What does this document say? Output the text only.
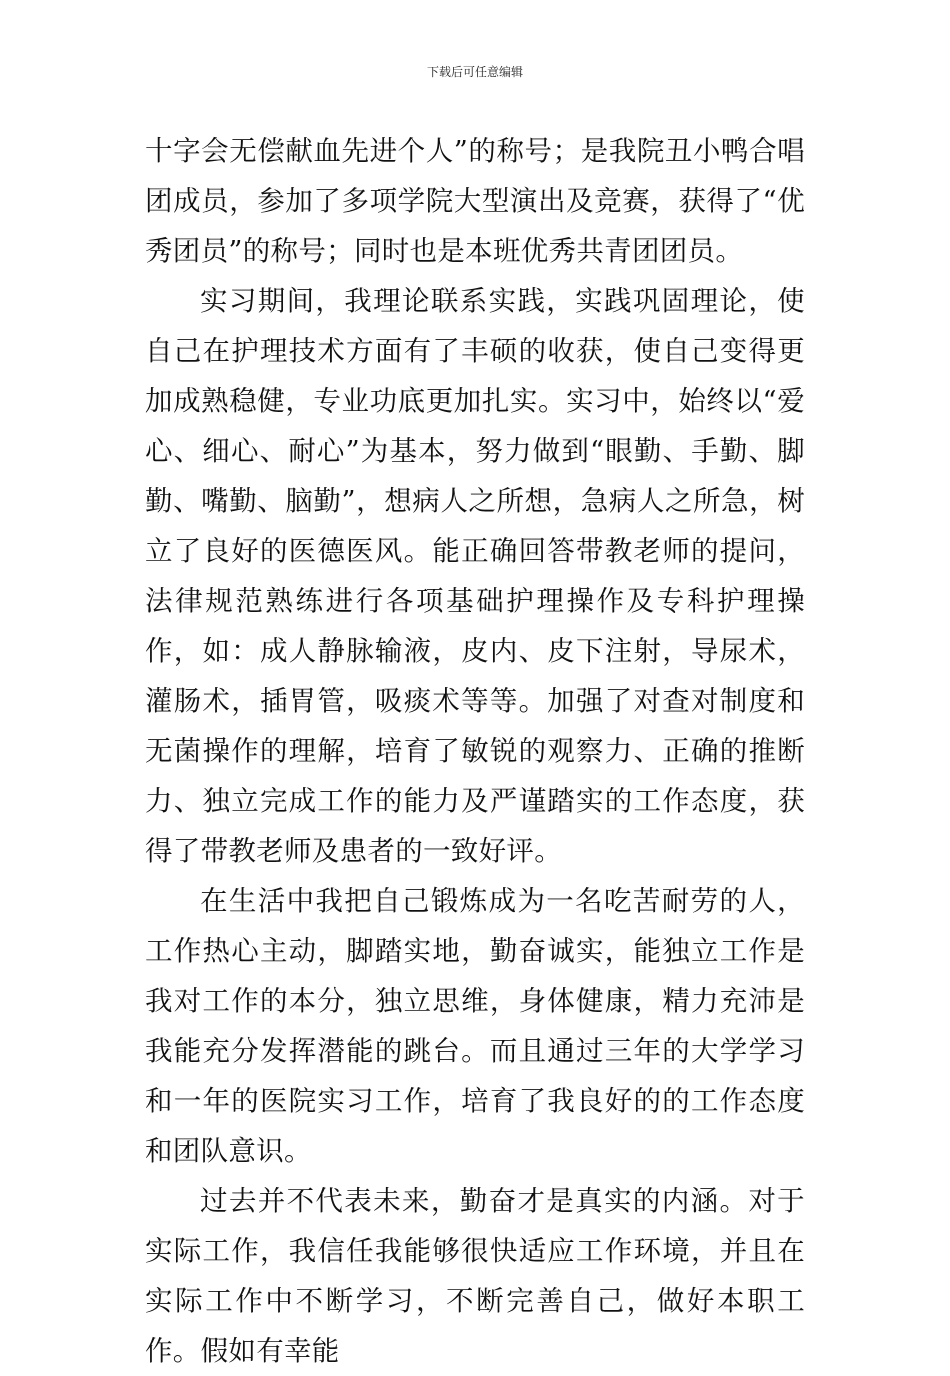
下载后可任意编辑

十字会无偿献血先进个人”的称号；是我院丑小鸭合唱团成员，参加了多项学院大型演出及竞赛，获得了“优秀团员”的称号；同时也是本班优秀共青团团员。

实习期间，我理论联系实践，实践巩固理论，使自己在护理技术方面有了丰硕的收获，使自己变得更加成熟稳健，专业功底更加扎实。实习中，始终以“爱心、细心、耐心”为基本，努力做到“眼勤、手勤、脚勤、嘴勤、脑勤”，想病人之所想，急病人之所急，树立了良好的医德医风。能正确回答带教老师的提问，法律规范熟练进行各项基础护理操作及专科护理操作，如：成人静脉输液，皮内、皮下注射，导尿术，灌肠术，插胃管，吸痰术等等。加强了对查对制度和无菌操作的理解，培育了敏锐的观察力、正确的推断力、独立完成工作的能力及严谨踏实的工作态度，获得了带教老师及患者的一致好评。

在生活中我把自己锻炼成为一名吃苦耐劳的人，工作热心主动，脚踏实地，勤奋诚实，能独立工作是我对工作的本分，独立思维，身体健康，精力充沛是我能充分发挥潜能的跳台。而且通过三年的大学学习和一年的医院实习工作，培育了我良好的的工作态度和团队意识。

过去并不代表未来，勤奋才是真实的内涵。对于实际工作，我信任我能够很快适应工作环境，并且在实际工作中不断学习，不断完善自己，做好本职工作。假如有幸能
